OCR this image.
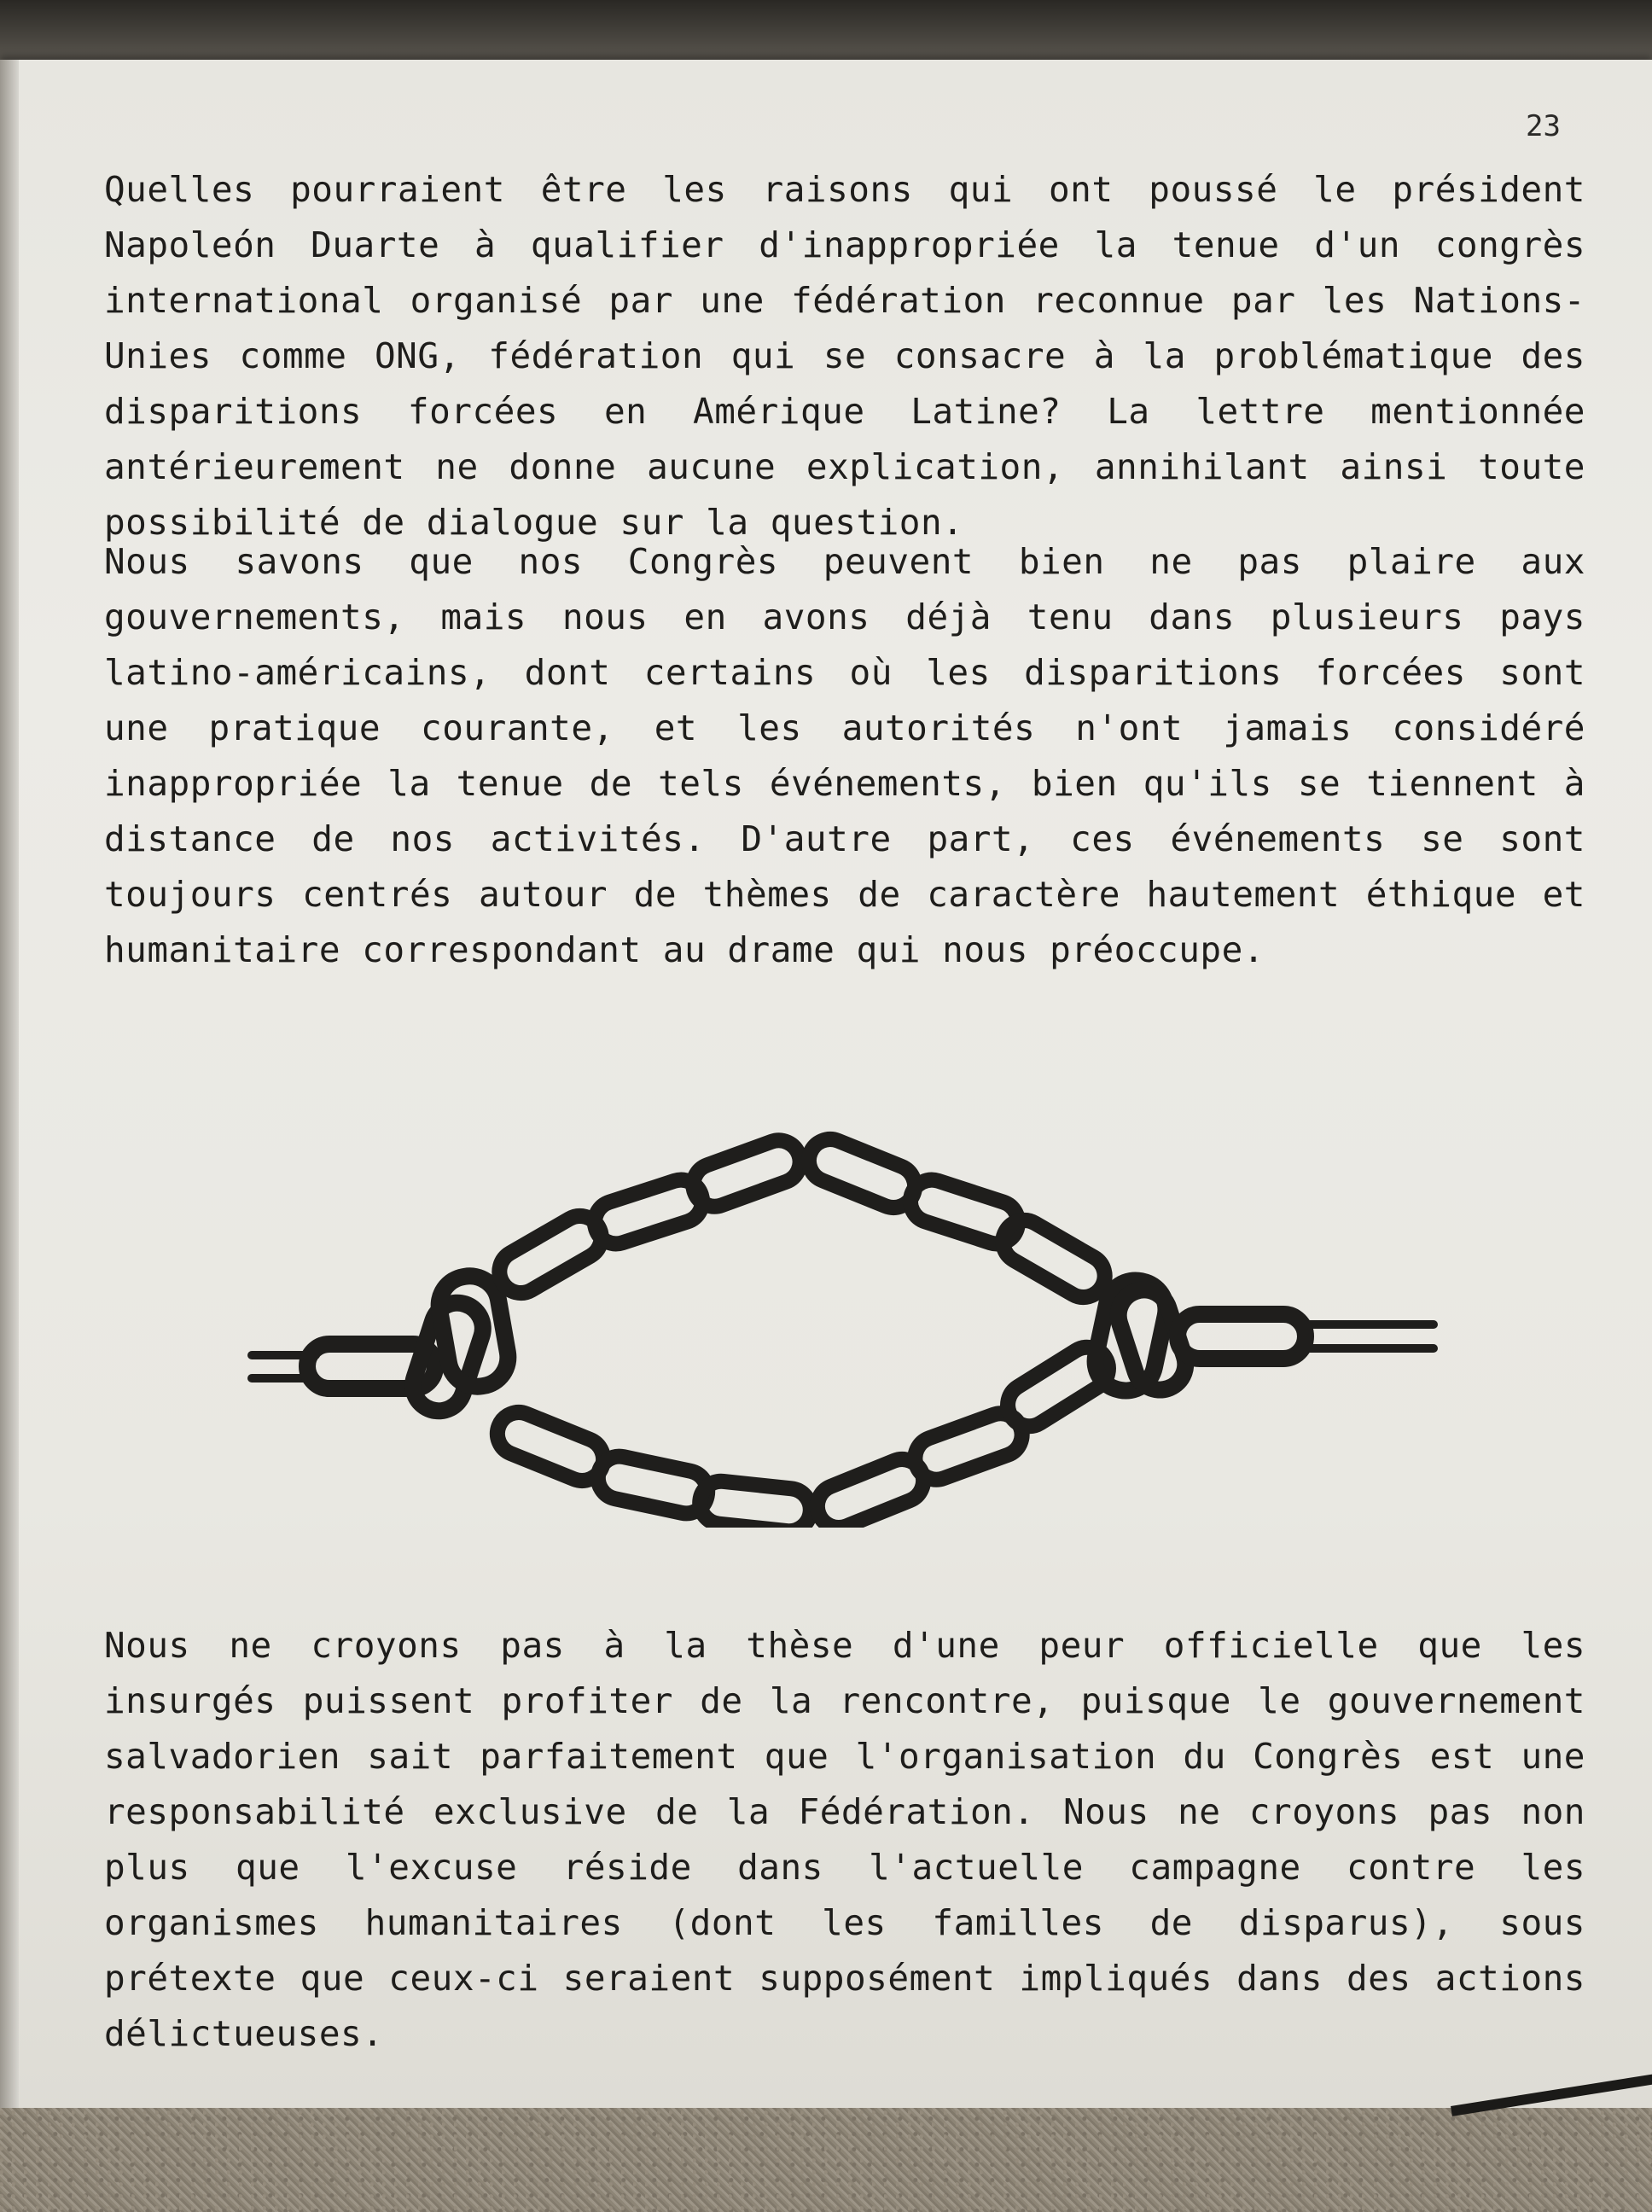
23

Quelles pourraient être les raisons qui ont poussé le président Napoleón Duarte à qualifier d'inappropriée la tenue d'un congrès international organisé par une fédération reconnue par les Nations-Unies comme ONG, fédération qui se consacre à la problématique des disparitions forcées en Amérique Latine? La lettre mentionnée antérieurement ne donne aucune explication, annihilant ainsi toute possibilité de dialogue sur la question.

Nous savons que nos Congrès peuvent bien ne pas plaire aux gouvernements, mais nous en avons déjà tenu dans plusieurs pays latino-américains, dont certains où les disparitions forcées sont une pratique courante, et les autorités n'ont jamais considéré inappropriée la tenue de tels événements, bien qu'ils se tiennent à distance de nos activités. D'autre part, ces événements se sont toujours centrés autour de thèmes de caractère hautement éthique et humanitaire correspondant au drame qui nous préoccupe.

Nous ne croyons pas à la thèse d'une peur officielle que les insurgés puissent profiter de la rencontre, puisque le gouvernement salvadorien sait parfaitement que l'organisation du Congrès est une responsabilité exclusive de la Fédération. Nous ne croyons pas non plus que l'excuse réside dans l'actuelle campagne contre les organismes humanitaires (dont les familles de disparus), sous prétexte que ceux-ci seraient supposément impliqués dans des actions délictueuses.
